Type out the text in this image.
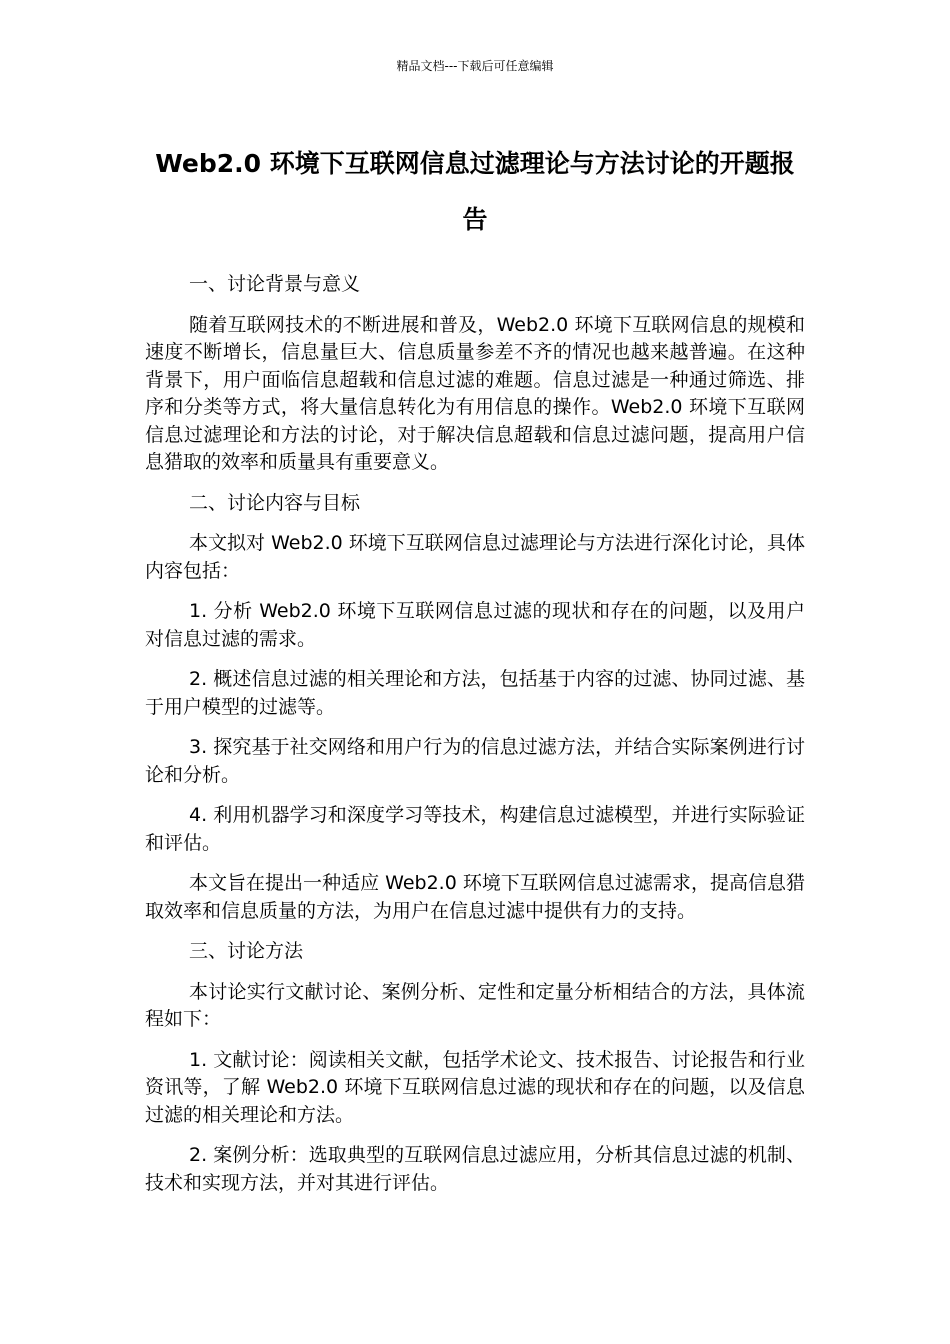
精品文档---下载后可任意编辑
Web2.0 环境下互联网信息过滤理论与方法讨论的开题报告

一、讨论背景与意义

随着互联网技术的不断进展和普及，Web2.0 环境下互联网信息的规模和速度不断增长，信息量巨大、信息质量参差不齐的情况也越来越普遍。在这种背景下，用户面临信息超载和信息过滤的难题。信息过滤是一种通过筛选、排序和分类等方式，将大量信息转化为有用信息的操作。Web2.0 环境下互联网信息过滤理论和方法的讨论，对于解决信息超载和信息过滤问题，提高用户信息猎取的效率和质量具有重要意义。

二、讨论内容与目标

本文拟对 Web2.0 环境下互联网信息过滤理论与方法进行深化讨论，具体内容包括：

1. 分析 Web2.0 环境下互联网信息过滤的现状和存在的问题，以及用户对信息过滤的需求。

2. 概述信息过滤的相关理论和方法，包括基于内容的过滤、协同过滤、基于用户模型的过滤等。

3. 探究基于社交网络和用户行为的信息过滤方法，并结合实际案例进行讨论和分析。

4. 利用机器学习和深度学习等技术，构建信息过滤模型，并进行实际验证和评估。

本文旨在提出一种适应 Web2.0 环境下互联网信息过滤需求，提高信息猎取效率和信息质量的方法，为用户在信息过滤中提供有力的支持。

三、讨论方法

本讨论实行文献讨论、案例分析、定性和定量分析相结合的方法，具体流程如下：

1. 文献讨论：阅读相关文献，包括学术论文、技术报告、讨论报告和行业资讯等，了解 Web2.0 环境下互联网信息过滤的现状和存在的问题，以及信息过滤的相关理论和方法。

2. 案例分析：选取典型的互联网信息过滤应用，分析其信息过滤的机制、技术和实现方法，并对其进行评估。
